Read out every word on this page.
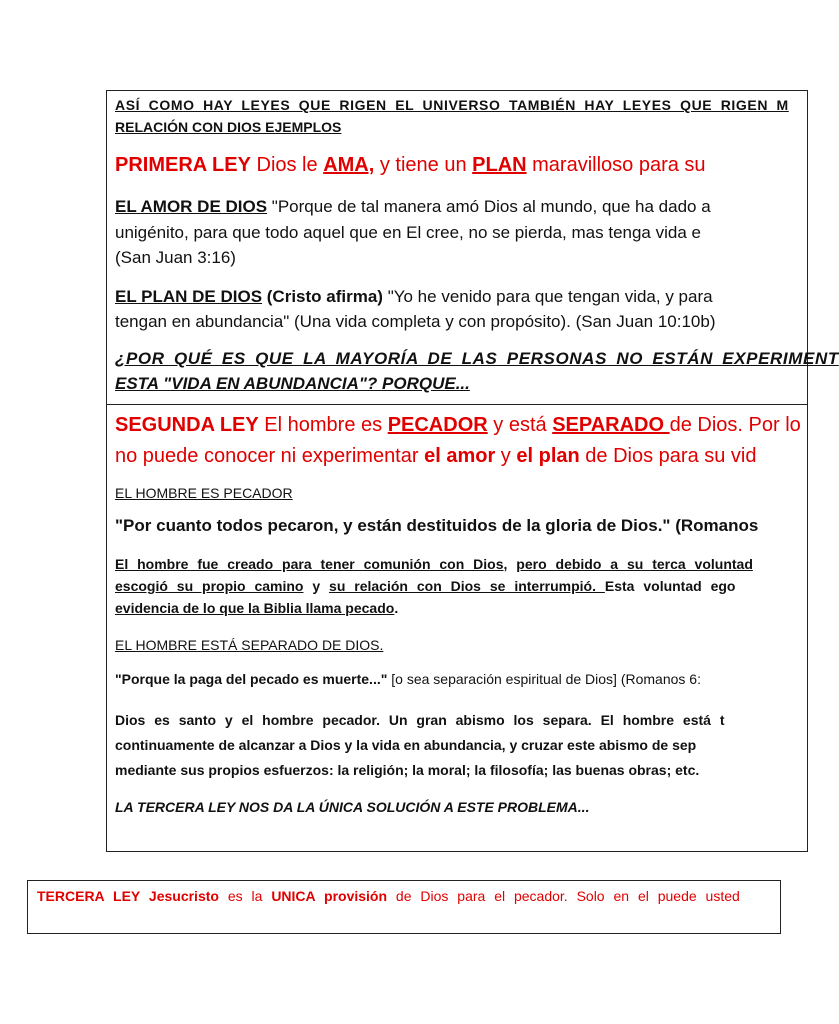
ASÍ COMO HAY LEYES QUE RIGEN EL UNIVERSO TAMBIÉN HAY LEYES QUE RIGEN M
RELACIÓN CON DIOS EJEMPLOS
PRIMERA LEY Dios le AMA, y tiene un PLAN maravilloso para su
EL AMOR DE DIOS "Porque de tal manera amó Dios al mundo, que ha dado a
unigénito, para que todo aquel que en El cree, no se pierda, mas tenga vida e
(San Juan 3:16)
EL PLAN DE DIOS (Cristo afirma) "Yo he venido para que tengan vida, y para
tengan en abundancia" (Una vida completa y con propósito). (San Juan 10:10b)
¿POR QUÉ ES QUE LA MAYORÍA DE LAS PERSONAS NO ESTÁN EXPERIMENT
ESTA "VIDA EN ABUNDANCIA"? PORQUE...
SEGUNDA LEY El hombre es PECADOR y está SEPARADO de Dios. Por lo
no puede conocer ni experimentar el amor y el plan de Dios para su vid
EL HOMBRE ES PECADOR
"Por cuanto todos pecaron, y están destituidos de la gloria de Dios." (Romanos
El hombre fue creado para tener comunión con Dios, pero debido a su terca voluntad
escogió su propio camino y su relación con Dios se interrumpió. Esta voluntad ego
evidencia de lo que la Biblia llama pecado.
EL HOMBRE ESTÁ SEPARADO DE DIOS.
"Porque la paga del pecado es muerte..." [o sea separación espiritual de Dios] (Romanos 6:
Dios es santo y el hombre pecador. Un gran abismo los separa. El hombre está t
continuamente de alcanzar a Dios y la vida en abundancia, y cruzar este abismo de sep
mediante sus propios esfuerzos: la religión; la moral; la filosofía; las buenas obras; etc.
LA TERCERA LEY NOS DA LA ÚNICA SOLUCIÓN A ESTE PROBLEMA...
TERCERA LEY Jesucristo es la UNICA provisión de Dios para el pecador. Solo en el puede usted
